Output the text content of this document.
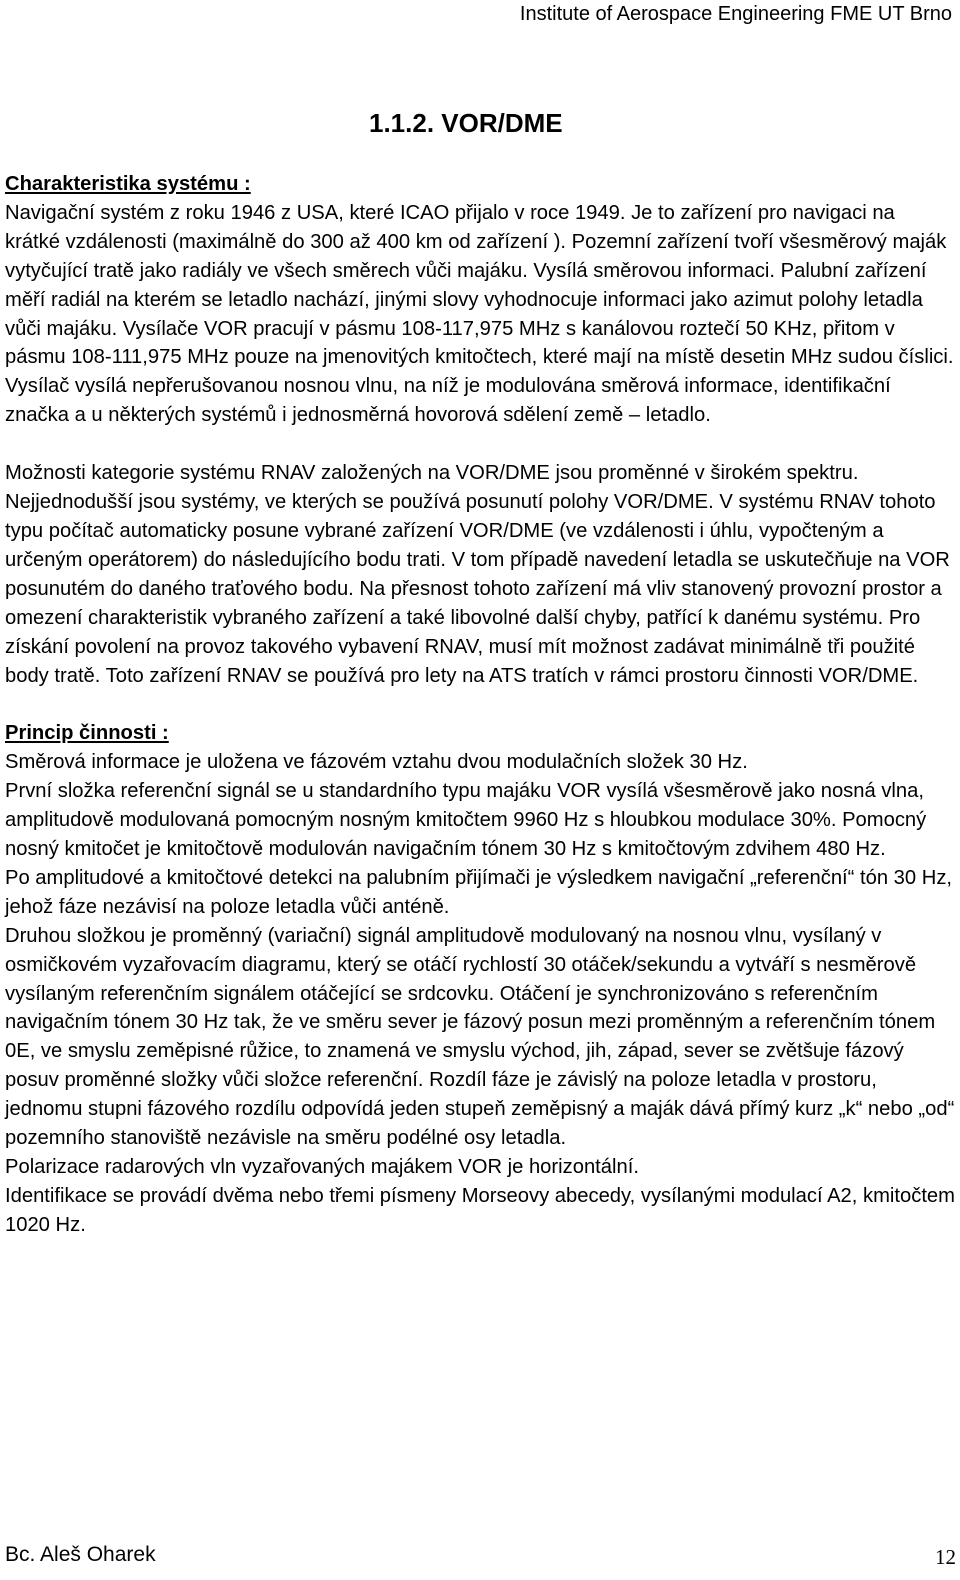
Institute of Aerospace Engineering FME UT Brno
1.1.2. VOR/DME
Charakteristika systému :

Navigační systém z roku 1946 z USA, které ICAO přijalo v roce 1949. Je to zařízení pro navigaci na krátké vzdálenosti (maximálně do 300 až 400 km od zařízení ). Pozemní zařízení tvoří všesměrový maják vytyčující tratě jako radiály ve všech směrech vůči majáku. Vysílá směrovou informaci. Palubní zařízení měří radiál na kterém se letadlo nachází, jinými slovy vyhodnocuje informaci jako azimut polohy letadla vůči majáku. Vysílače VOR pracují v pásmu 108-117,975 MHz s kanálovou roztečí 50 KHz, přitom v pásmu 108-111,975 MHz pouze na jmenovitých kmitočtech, které mají na místě desetin MHz sudou číslici. Vysílač vysílá nepřerušovanou nosnou vlnu, na níž je modulována směrová informace, identifikační značka a u některých systémů i jednosměrná hovorová sdělení země – letadlo.

Možnosti kategorie systému RNAV založených na VOR/DME jsou proměnné v širokém spektru. Nejjednodušší jsou systémy, ve kterých se používá posunutí polohy VOR/DME. V systému RNAV tohoto typu počítač automaticky posune vybrané zařízení VOR/DME (ve vzdálenosti i úhlu, vypočteným a určeným operátorem) do následujícího bodu trati. V tom případě navedení letadla se uskutečňuje na VOR posunutém do daného traťového bodu. Na přesnost tohoto zařízení má vliv stanovený provozní prostor a omezení charakteristik vybraného zařízení a také libovolné další chyby, patřící k danému systému. Pro získání povolení na provoz takového vybavení RNAV, musí mít možnost zadávat minimálně tři použité body tratě. Toto zařízení RNAV se používá pro lety na ATS tratích v rámci prostoru činnosti VOR/DME.

Princip činnosti :

Směrová informace je uložena ve fázovém vztahu dvou modulačních složek 30 Hz.

První složka referenční signál se u standardního typu majáku VOR vysílá všesměrově jako nosná vlna, amplitudově modulovaná pomocným nosným kmitočtem 9960 Hz s hloubkou modulace 30%. Pomocný nosný kmitočet je kmitočtově modulován navigačním tónem 30 Hz s kmitočtovým zdvihem 480 Hz.

Po amplitudové a kmitočtové detekci na palubním přijímači je výsledkem navigační „referenční“ tón 30 Hz, jehož fáze nezávisí na poloze letadla vůči anténě.

Druhou složkou je proměnný (variační) signál amplitudově modulovaný na nosnou vlnu, vysílaný v osmičkovém vyzařovacím diagramu, který se otáčí rychlostí 30 otáček/sekundu a vytváří s nesměrově vysílaným referenčním signálem otáčející se srdcovku. Otáčení je synchronizováno s referenčním navigačním tónem 30 Hz tak, že ve směru sever je fázový posun mezi proměnným a referenčním tónem 0E, ve smyslu zeměpisné růžice, to znamená ve smyslu východ, jih, západ, sever se zvětšuje fázový posuv proměnné složky vůči složce referenční. Rozdíl fáze je závislý na poloze letadla v prostoru, jednomu stupni fázového rozdílu odpovídá jeden stupeň zeměpisný a maják dává přímý kurz „k“ nebo „od“ pozemního stanoviště nezávisle na směru podélné osy letadla.

Polarizace radarových vln vyzařovaných majákem VOR je horizontální.

Identifikace se provádí dvěma nebo třemi písmeny Morseovy abecedy, vysílanými modulací A2, kmitočtem 1020 Hz.

Bc. Aleš Oharek	12
